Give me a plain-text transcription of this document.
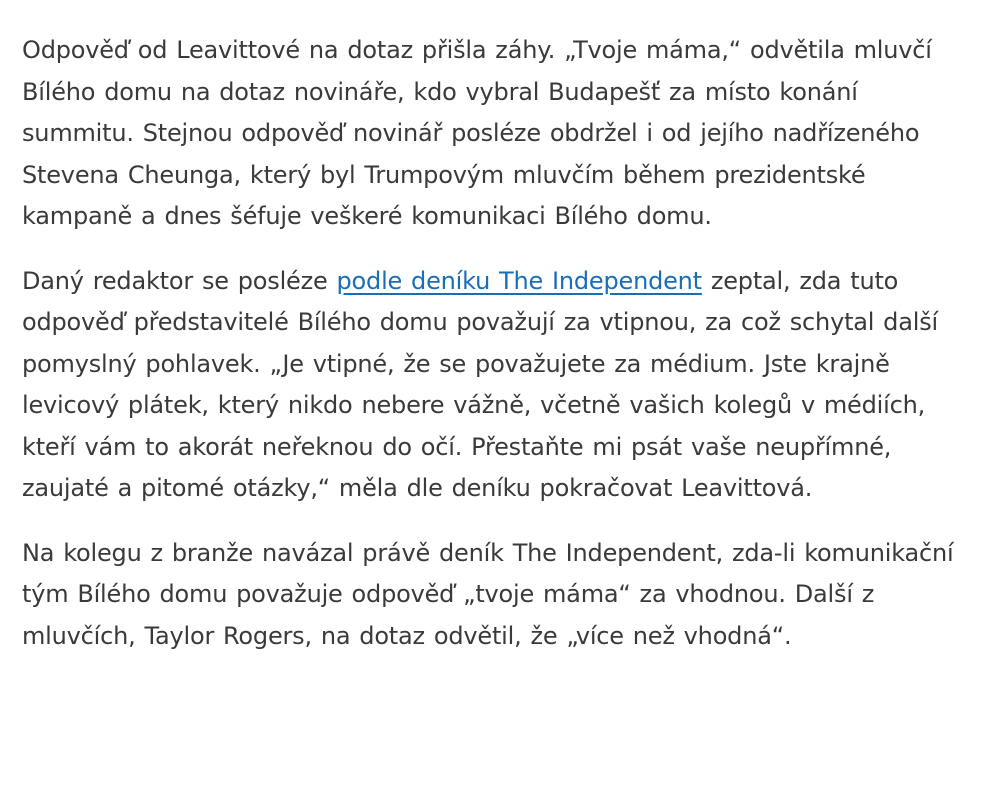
Odpověď od Leavittové na dotaz přišla záhy. „Tvoje máma,“ odvětila mluvčí Bílého domu na dotaz novináře, kdo vybral Budapešť za místo konání summitu. Stejnou odpověď novinář posléze obdržel i od jejího nadřízeného Stevena Cheunga, který byl Trumpovým mluvčím během prezidentské kampaně a dnes šéfuje veškeré komunikaci Bílého domu.

Daný redaktor se posléze podle deníku The Independent zeptal, zda tuto odpověď představitelé Bílého domu považují za vtipnou, za což schytal další pomyslný pohlavek. „Je vtipné, že se považujete za médium. Jste krajně levicový plátek, který nikdo nebere vážně, včetně vašich kolegů v médiích, kteří vám to akorát neřeknou do očí. Přestaňte mi psát vaše neupřímné, zaujaté a pitomé otázky,“ měla dle deníku pokračovat Leavittová.

Na kolegu z branže navázal právě deník The Independent, zda-li komunikační tým Bílého domu považuje odpověď „tvoje máma“ za vhodnou. Další z mluvčích, Taylor Rogers, na dotaz odvětil, že „více než vhodná“.
